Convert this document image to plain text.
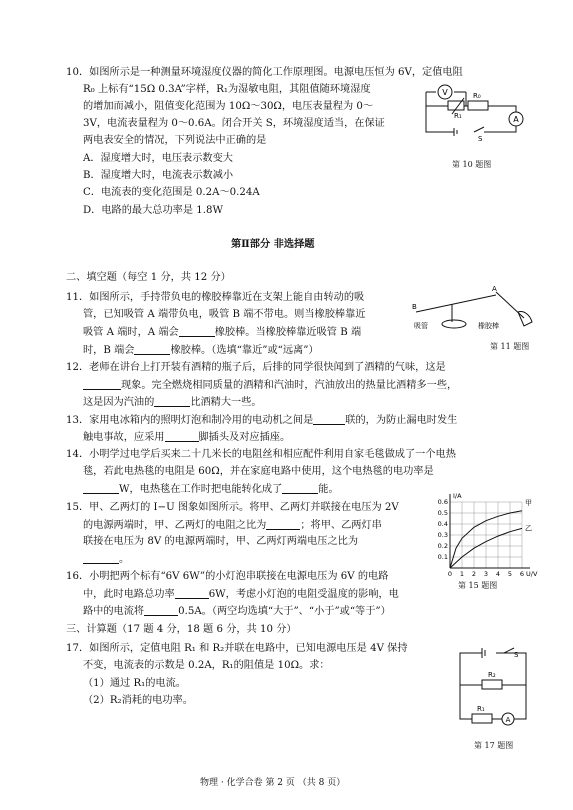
10．如图所示是一种测量环境湿度仪器的简化工作原理图。电源电压恒为 6V，定值电阻
R₀ 上标有“15Ω 0.3A”字样，R₁为湿敏电阻，其阻值随环境湿度
的增加而减小，阻值变化范围为 10Ω～30Ω，电压表量程为 0～
3V，电流表量程为 0～0.6A。闭合开关 S，环境湿度适当，在保证
两电表安全的情况，下列说法中正确的是
A．湿度增大时，电压表示数变大
B．湿度增大时，电流表示数减小
C．电流表的变化范围是 0.2A～0.24A
D．电路的最大总功率是 1.8W
V	R₀
R₁
S
A
第 10 题图
第Ⅱ部分 非选择题
二、填空题（每空 1 分，共 12 分）
11．如图所示，手持带负电的橡胶棒靠近在支架上能自由转动的吸
管，已知吸管 A 端带负电，吸管 B 端不带电。则当橡胶棒靠近
吸管 A 端时，A 端会	橡胶棒。当橡胶棒靠近吸管 B 端
时，B 端会	橡胶棒。（选填“靠近”或“远离”）
B
A
吸管	橡胶棒
第 11 题图
12．老师在讲台上打开装有酒精的瓶子后，后排的同学很快闻到了酒精的气味，这是
现象。完全燃烧相同质量的酒精和汽油时，汽油放出的热量比酒精多一些，
这是因为汽油的	比酒精大一些。
13．家用电冰箱内的照明灯泡和制冷用的电动机之间是	联的，为防止漏电时发生
触电事故，应采用	脚插头及对应插座。
14．小明学过电学后买来二十几米长的电阻丝和相应配件利用自家毛毯做成了一个电热
毯，若此电热毯的电阻是 60Ω，并在家庭电路中使用，这个电热毯的电功率是
W，电热毯在工作时把电能转化成了	能。
15．甲、乙两灯的 I−U 图象如图所示。将甲、乙两灯并联接在电压为 2V
的电源两端时，甲、乙两灯的电阻之比为	；将甲、乙两灯串
联接在电压为 8V 的电源两端时，甲、乙两灯两端电压之比为
。
0 1 2 3 4 5 6
0.1
0.2
0.3
0.4
0.5
0.6
I/A
U/V
甲
乙
第 15 题图
16．小明把两个标有“6V 6W”的小灯泡串联接在电源电压为 6V 的电路
中，此时电路总功率	6W，考虑小灯泡的电阻受温度的影响，电
路中的电流将	0.5A。（两空均选填“大于”、“小于”或“等于”）
三、计算题（17 题 4 分，18 题 6 分，共 10 分）
17．如图所示，定值电阻 R₁ 和 R₂并联在电路中，已知电源电压是 4V 保持
不变，电流表的示数是 0.2A，R₁的阻值是 10Ω。求：
（1）通过 R₁的电流。
（2）R₂消耗的电功率。
S
R₂
R₁
A
第 17 题图
物理 · 化学合卷 第 2 页 （共 8 页）
